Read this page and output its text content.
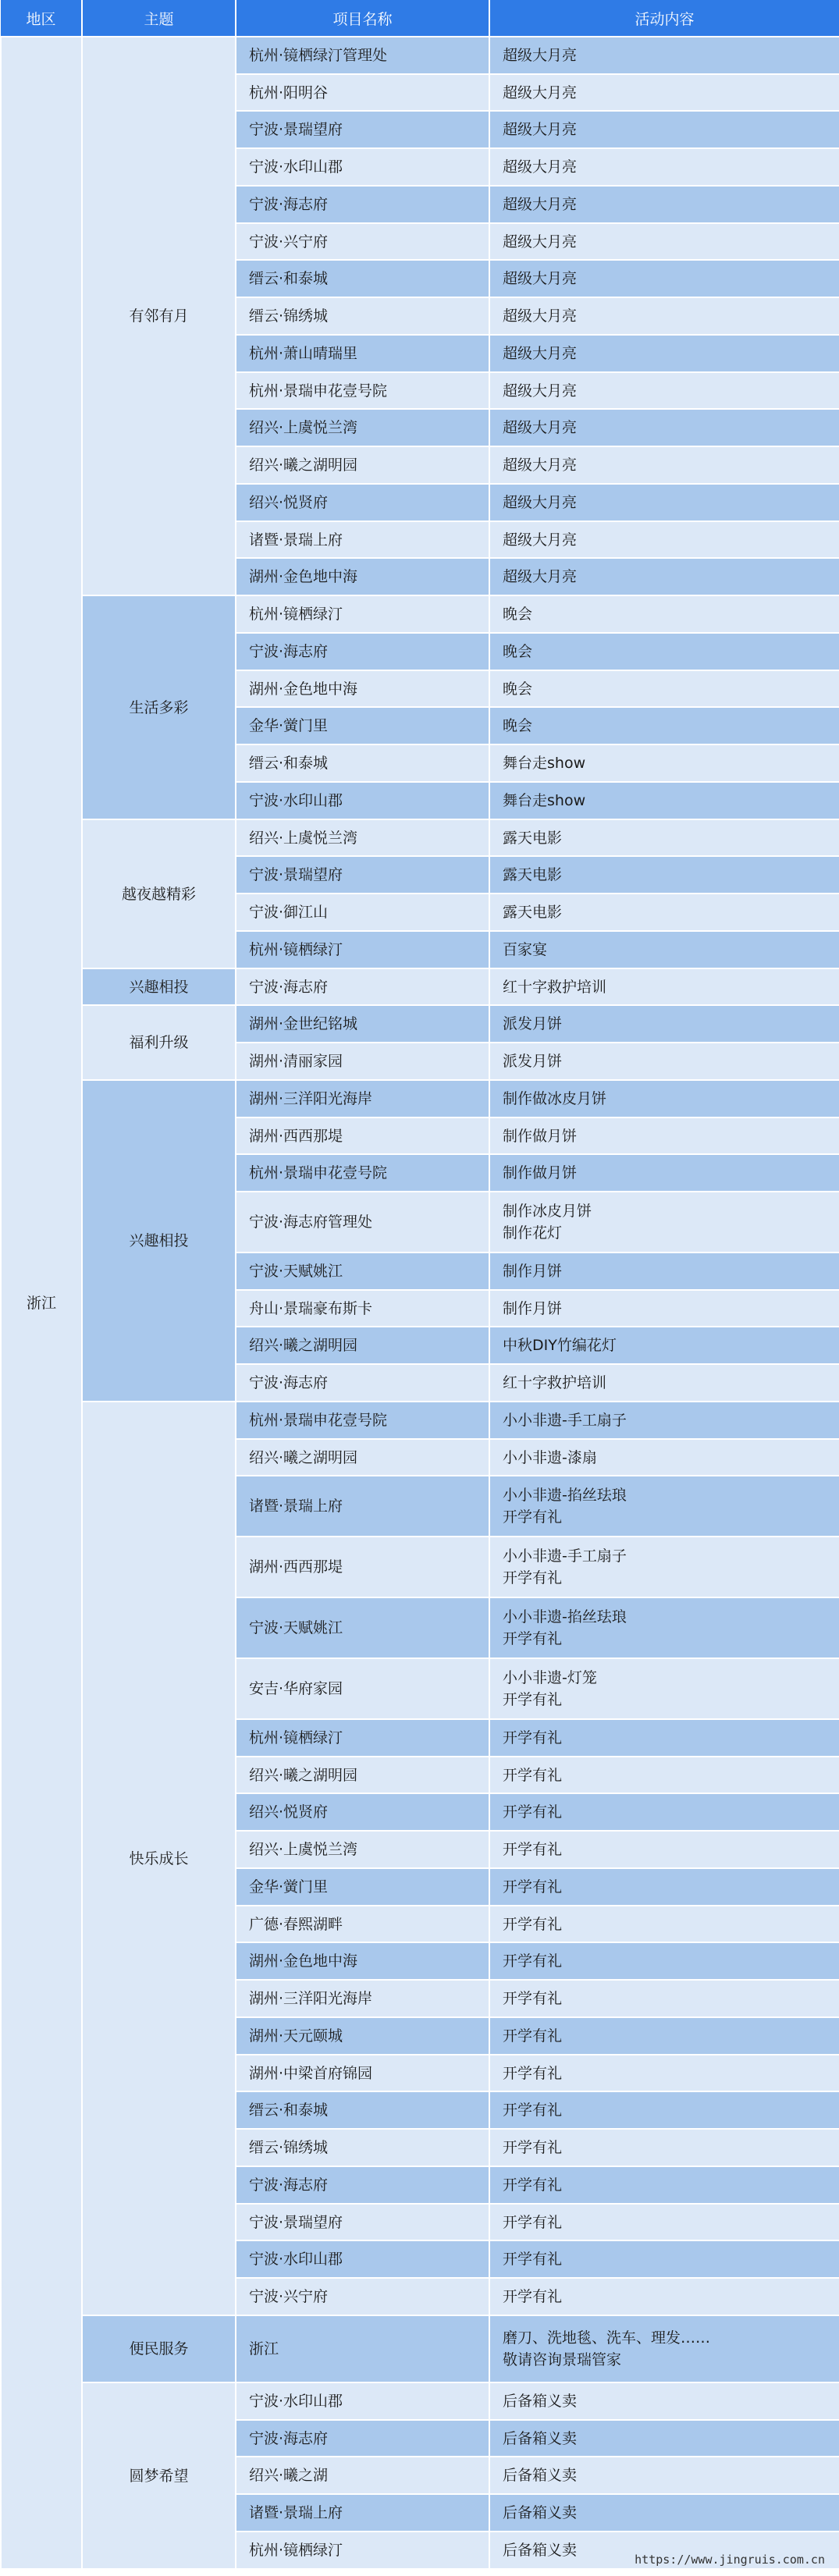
地区	主题	项目名称	活动内容
浙江	有邻有月	杭州·镜栖绿汀管理处	超级大月亮
		杭州·阳明谷	超级大月亮
		宁波·景瑞望府	超级大月亮
		宁波·水印山郡	超级大月亮
		宁波·海志府	超级大月亮
		宁波·兴宁府	超级大月亮
		缙云·和泰城	超级大月亮
		缙云·锦绣城	超级大月亮
		杭州·萧山晴瑞里	超级大月亮
		杭州·景瑞申花壹号院	超级大月亮
		绍兴·上虞悦兰湾	超级大月亮
		绍兴·曦之湖明园	超级大月亮
		绍兴·悦贤府	超级大月亮
		诸暨·景瑞上府	超级大月亮
		湖州·金色地中海	超级大月亮
	生活多彩	杭州·镜栖绿汀	晚会
		宁波·海志府	晚会
		湖州·金色地中海	晚会
		金华·黉门里	晚会
		缙云·和泰城	舞台走show
		宁波·水印山郡	舞台走show
	越夜越精彩	绍兴·上虞悦兰湾	露天电影
		宁波·景瑞望府	露天电影
		宁波·御江山	露天电影
		杭州·镜栖绿汀	百家宴
	兴趣相投	宁波·海志府	红十字救护培训
	福利升级	湖州·金世纪铭城	派发月饼
		湖州·清丽家园	派发月饼
	兴趣相投	湖州·三洋阳光海岸	制作做冰皮月饼
		湖州·西西那堤	制作做月饼
		杭州·景瑞申花壹号院	制作做月饼
		宁波·海志府管理处	制作冰皮月饼
制作花灯
		宁波·天赋姚江	制作月饼
		舟山·景瑞豪布斯卡	制作月饼
		绍兴·曦之湖明园	中秋DIY竹编花灯
		宁波·海志府	红十字救护培训
	快乐成长	杭州·景瑞申花壹号院	小小非遗-手工扇子
		绍兴·曦之湖明园	小小非遗-漆扇
		诸暨·景瑞上府	小小非遗-掐丝珐琅
开学有礼
		湖州·西西那堤	小小非遗-手工扇子
开学有礼
		宁波·天赋姚江	小小非遗-掐丝珐琅
开学有礼
		安吉·华府家园	小小非遗-灯笼
开学有礼
		杭州·镜栖绿汀	开学有礼
		绍兴·曦之湖明园	开学有礼
		绍兴·悦贤府	开学有礼
		绍兴·上虞悦兰湾	开学有礼
		金华·黉门里	开学有礼
		广德·春熙湖畔	开学有礼
		湖州·金色地中海	开学有礼
		湖州·三洋阳光海岸	开学有礼
		湖州·天元颐城	开学有礼
		湖州·中梁首府锦园	开学有礼
		缙云·和泰城	开学有礼
		缙云·锦绣城	开学有礼
		宁波·海志府	开学有礼
		宁波·景瑞望府	开学有礼
		宁波·水印山郡	开学有礼
		宁波·兴宁府	开学有礼
	便民服务	浙江	磨刀、洗地毯、洗车、理发……
敬请咨询景瑞管家
	圆梦希望	宁波·水印山郡	后备箱义卖
		宁波·海志府	后备箱义卖
		绍兴·曦之湖	后备箱义卖
		诸暨·景瑞上府	后备箱义卖
		杭州·镜栖绿汀	后备箱义卖
https://www.jingruis.com.cn
